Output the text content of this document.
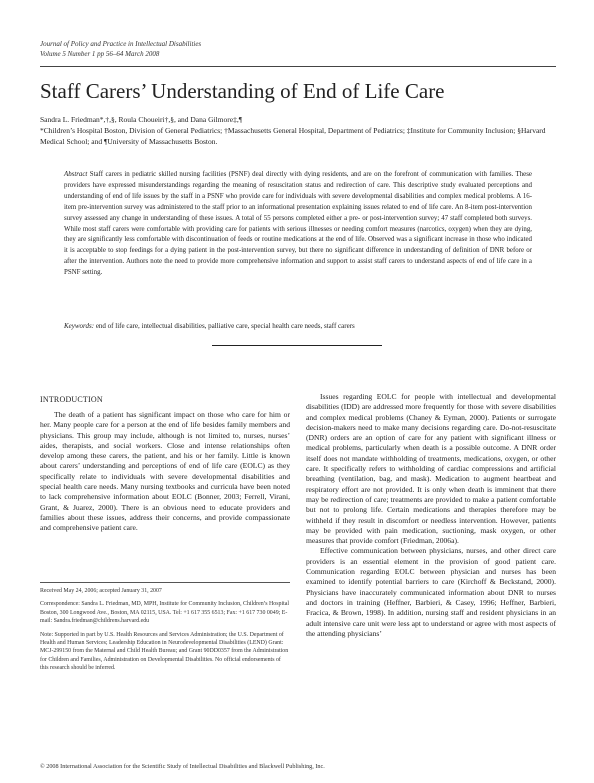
Journal of Policy and Practice in Intellectual Disabilities
Volume 5 Number 1 pp 56–64 March 2008
Staff Carers’ Understanding of End of Life Care
Sandra L. Friedman*,†,§, Roula Choueiri†,§, and Dana Gilmore‡,¶
*Children’s Hospital Boston, Division of General Pediatrics; †Massachusetts General Hospital, Department of Pediatrics; ‡Institute for Community Inclusion; §Harvard Medical School; and ¶University of Massachusetts Boston.
Abstract Staff carers in pediatric skilled nursing facilities (PSNF) deal directly with dying residents, and are on the forefront of communication with families. These providers have expressed misunderstandings regarding the meaning of resuscitation status and redirection of care. This descriptive study evaluated perceptions and understanding of end of life issues by the staff in a PSNF who provide care for individuals with severe developmental disabilities and complex medical problems. A 16-item pre-intervention survey was administered to the staff prior to an informational presentation explaining issues related to end of life care. An 8-item post-intervention survey assessed any change in understanding of these issues. A total of 55 persons completed either a pre- or post-intervention survey; 47 staff completed both surveys. While most staff carers were comfortable with providing care for patients with serious illnesses or needing comfort measures (narcotics, oxygen) when they are dying, they are significantly less comfortable with discontinuation of feeds or routine medications at the end of life. Observed was a significant increase in those who indicated it is acceptable to stop feedings for a dying patient in the post-intervention survey, but there no significant difference in understanding of definition of DNR before or after the intervention. Authors note the need to provide more comprehensive information and support to assist staff carers to understand aspects of end of life care in a PSNF setting.
Keywords: end of life care, intellectual disabilities, palliative care, special health care needs, staff carers
INTRODUCTION
The death of a patient has significant impact on those who care for him or her. Many people care for a person at the end of life besides family members and physicians. This group may include, although is not limited to, nurses, nurses’ aides, therapists, and social workers. Close and intense relationships often develop among these carers, the patient, and his or her family. Little is known about carers’ understanding and perceptions of end of life care (EOLC) as they specifically relate to individuals with severe developmental disabilities and special health care needs. Many nursing textbooks and curricula have been noted to lack comprehensive information about EOLC (Bonner, 2003; Ferrell, Virani, Grant, & Juarez, 2000). There is an obvious need to educate providers and families about these issues, address their concerns, and provide compassionate and comprehensive patient care.

Received May 24, 2006; accepted January 31, 2007

Correspondence: Sandra L. Friedman, MD, MPH, Institute for Community Inclusion, Children’s Hospital Boston, 300 Longwood Ave., Boston, MA 02115, USA. Tel: +1 617 355 6513; Fax: +1 617 730 0049; E-mail: Sandra.friedman@childrens.harvard.edu

Note: Supported in part by U.S. Health Resources and Services Administration; the U.S. Department of Health and Human Services; Leadership Education in Neurodevelopmental Disabilities (LEND) Grant: MCJ-299150 from the Maternal and Child Health Bureau; and Grant 90DD0357 from the Administration for Children and Families, Administration on Developmental Disabilities. No official endorsements of this research should be inferred.

Issues regarding EOLC for people with intellectual and developmental disabilities (IDD) are addressed more frequently for those with severe disabilities and complex medical problems (Chaney & Eyman, 2000). Patients or surrogate decision-makers need to make many decisions regarding care. Do-not-resuscitate (DNR) orders are an option of care for any patient with significant illness or medical problems, particularly when death is a possible outcome. A DNR order itself does not mandate withholding of treatments, medications, oxygen, or other care. It specifically refers to withholding of cardiac compressions and artificial breathing (ventilation, bag, and mask). Medication to augment heartbeat and respiratory effort are not provided. It is only when death is imminent that there may be redirection of care; treatments are provided to make a patient comfortable but not to prolong life. Certain medications and therapies therefore may be withheld if they result in discomfort or needless intervention. However, patients may be provided with pain medication, suctioning, mask oxygen, or other measures that provide comfort (Friedman, 2006a).

Effective communication between physicians, nurses, and other direct care providers is an essential element in the provision of good patient care. Communication regarding EOLC between physician and nurses has been examined to identify potential barriers to care (Kirchoff & Beckstand, 2000). Physicians have inaccurately communicated information about DNR to nurses and doctors in training (Heffner, Barbieri, & Casey, 1996; Heffner, Barbieri, Fracica, & Brown, 1998). In addition, nursing staff and resident physicians in an adult intensive care unit were less apt to understand or agree with most aspects of the attending physicians’

© 2008 International Association for the Scientific Study of Intellectual Disabilities and Blackwell Publishing, Inc.
